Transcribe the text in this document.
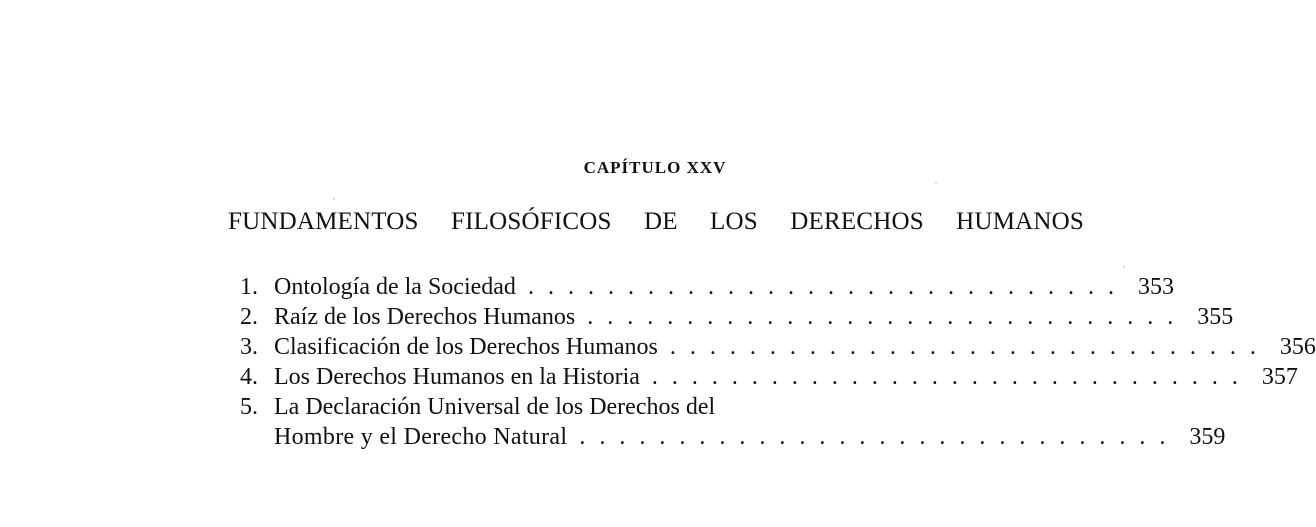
CAPÍTULO XXV
FUNDAMENTOS FILOSÓFICOS DE LOS DERECHOS HUMANOS
1. Ontología de la Sociedad .............................. 353
2. Raíz de los Derechos Humanos .............................. 355
3. Clasificación de los Derechos Humanos .............................. 356
4. Los Derechos Humanos en la Historia .............................. 357
5. La Declaración Universal de los Derechos del
Hombre y el Derecho Natural .............................. 359
